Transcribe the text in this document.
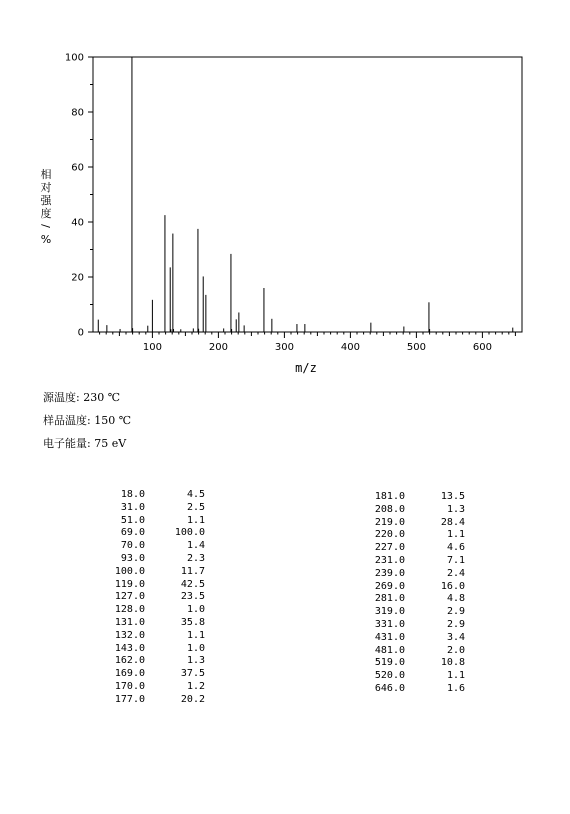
0
20
40
60
80
100
100	200	300	400	500	600
m/z
相
对
强
度
/
%
源温度: 230 ℃
样品温度: 150 ℃
电子能量: 75 eV
18.0	4.5
31.0	2.5
51.0	1.1
69.0	100.0
70.0	1.4
93.0	2.3
100.0	11.7
119.0	42.5
127.0	23.5
128.0	1.0
131.0	35.8
132.0	1.1
143.0	1.0
162.0	1.3
169.0	37.5
170.0	1.2
177.0	20.2
181.0	13.5
208.0	1.3
219.0	28.4
220.0	1.1
227.0	4.6
231.0	7.1
239.0	2.4
269.0	16.0
281.0	4.8
319.0	2.9
331.0	2.9
431.0	3.4
481.0	2.0
519.0	10.8
520.0	1.1
646.0	1.6
